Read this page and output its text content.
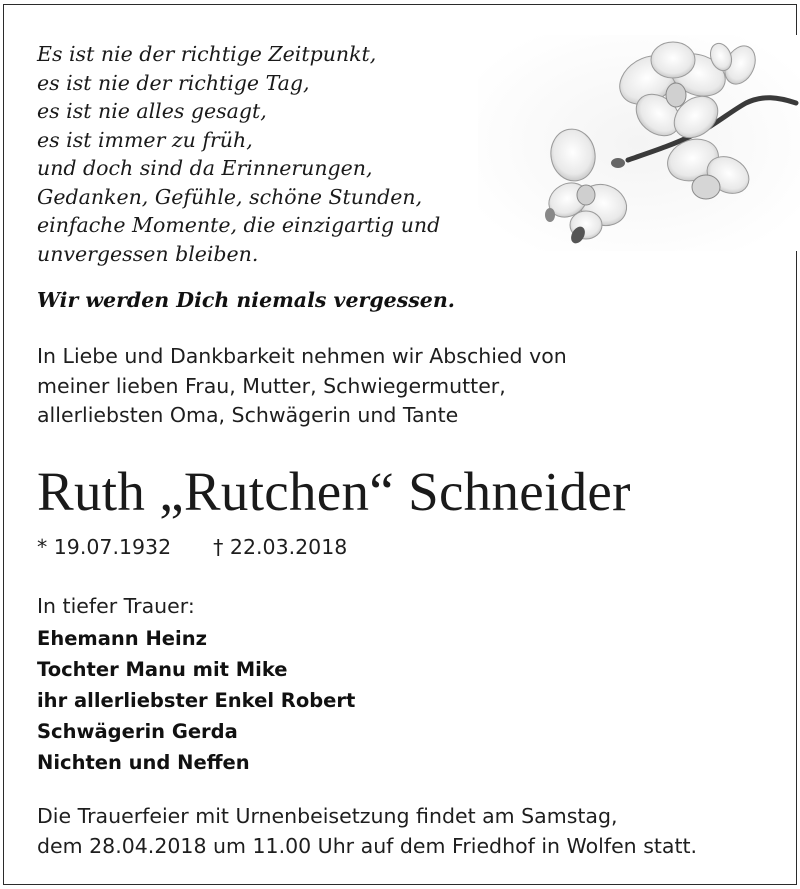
Es ist nie der richtige Zeitpunkt,
es ist nie der richtige Tag,
es ist nie alles gesagt,
es ist immer zu früh,
und doch sind da Erinnerungen,
Gedanken, Gefühle, schöne Stunden,
einfache Momente, die einzigartig und
unvergessen bleiben.
Wir werden Dich niemals vergessen.
In Liebe und Dankbarkeit nehmen wir Abschied von
meiner lieben Frau, Mutter, Schwiegermutter,
allerliebsten Oma, Schwägerin und Tante
Ruth „Rutchen“ Schneider
* 19.07.1932 † 22.03.2018
In tiefer Trauer:
Ehemann Heinz
Tochter Manu mit Mike
ihr allerliebster Enkel Robert
Schwägerin Gerda
Nichten und Neffen
Die Trauerfeier mit Urnenbeisetzung findet am Samstag,
dem 28.04.2018 um 11.00 Uhr auf dem Friedhof in Wolfen statt.
